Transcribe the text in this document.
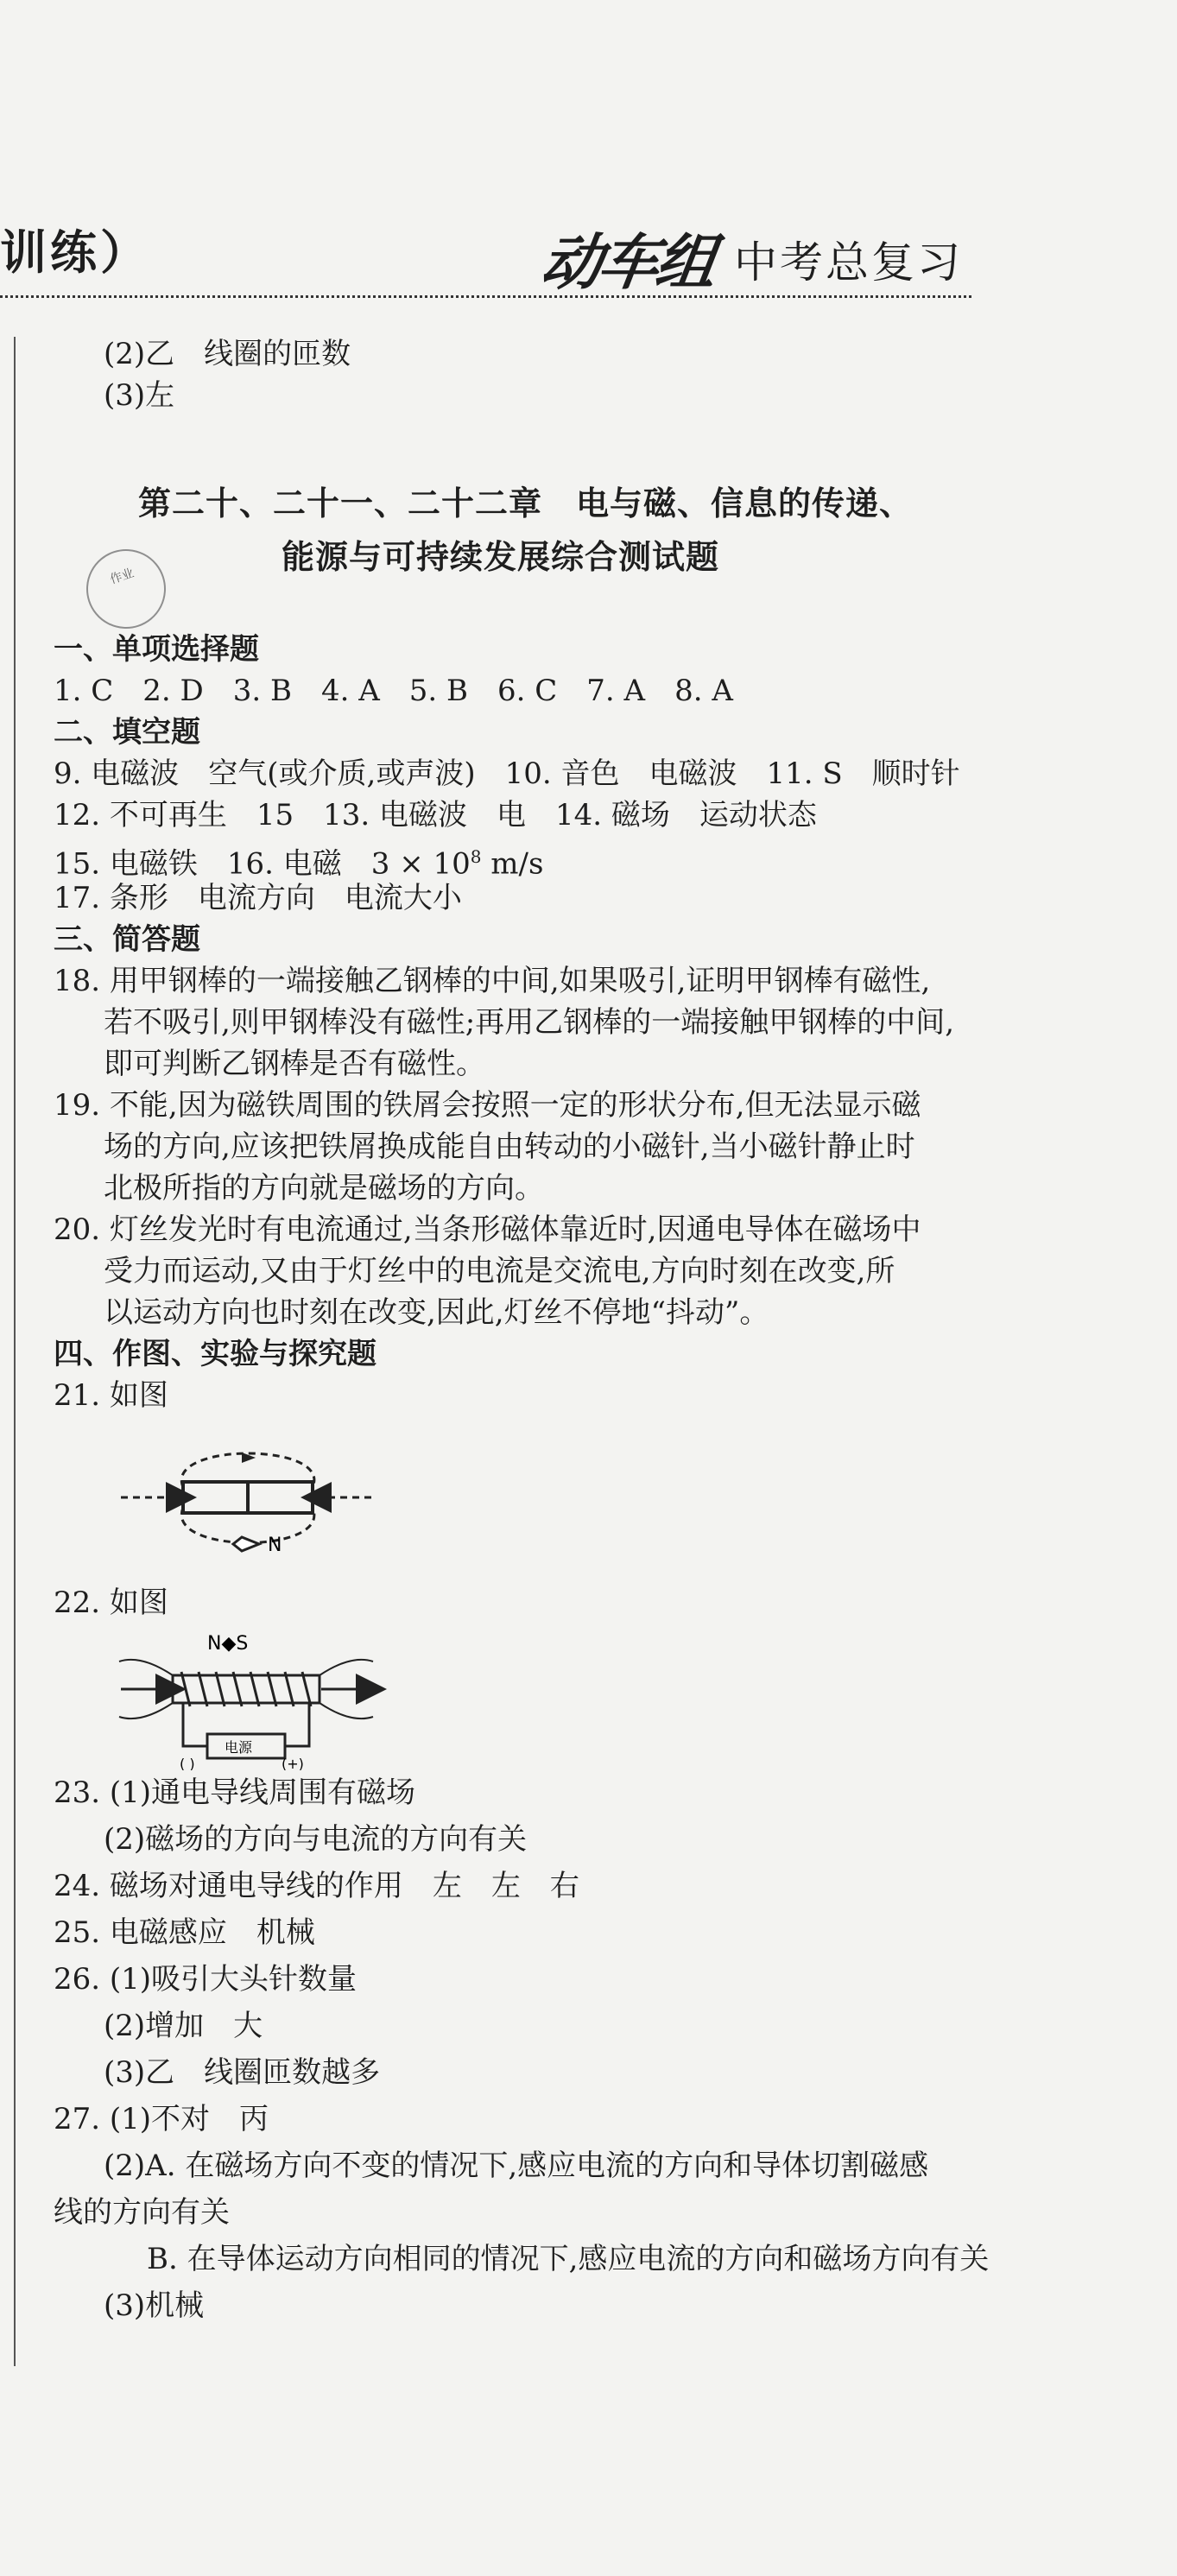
训练）	动车组 中考总复习
(2)乙　线圈的匝数
(3)左
第二十、二十一、二十二章　电与磁、信息的传递、
能源与可持续发展综合测试题
作业
一、单项选择题
1. C　2. D　3. B　4. A　5. B　6. C　7. A　8. A
二、填空题
9. 电磁波　空气(或介质,或声波)　10. 音色　电磁波　11. S　顺时针
12. 不可再生　15　13. 电磁波　电　14. 磁场　运动状态
15. 电磁铁　16. 电磁　$3 \times 10^8$ m/s
17. 条形　电流方向　电流大小
三、简答题
18. 用甲钢棒的一端接触乙钢棒的中间,如果吸引,证明甲钢棒有磁性,
若不吸引,则甲钢棒没有磁性;再用乙钢棒的一端接触甲钢棒的中间,
即可判断乙钢棒是否有磁性。
19. 不能,因为磁铁周围的铁屑会按照一定的形状分布,但无法显示磁
场的方向,应该把铁屑换成能自由转动的小磁针,当小磁针静止时
北极所指的方向就是磁场的方向。
20. 灯丝发光时有电流通过,当条形磁体靠近时,因通电导体在磁场中
受力而运动,又由于灯丝中的电流是交流电,方向时刻在改变,所
以运动方向也时刻在改变,因此,灯丝不停地“抖动”。
四、作图、实验与探究题
21. 如图
N
22. 如图
N◆S
电源
( )	(+)
23. (1)通电导线周围有磁场
(2)磁场的方向与电流的方向有关
24. 磁场对通电导线的作用　左　左　右
25. 电磁感应　机械
26. (1)吸引大头针数量
(2)增加　大
(3)乙　线圈匝数越多
27. (1)不对　丙
(2)A. 在磁场方向不变的情况下,感应电流的方向和导体切割磁感
线的方向有关
B. 在导体运动方向相同的情况下,感应电流的方向和磁场方向有关
(3)机械
